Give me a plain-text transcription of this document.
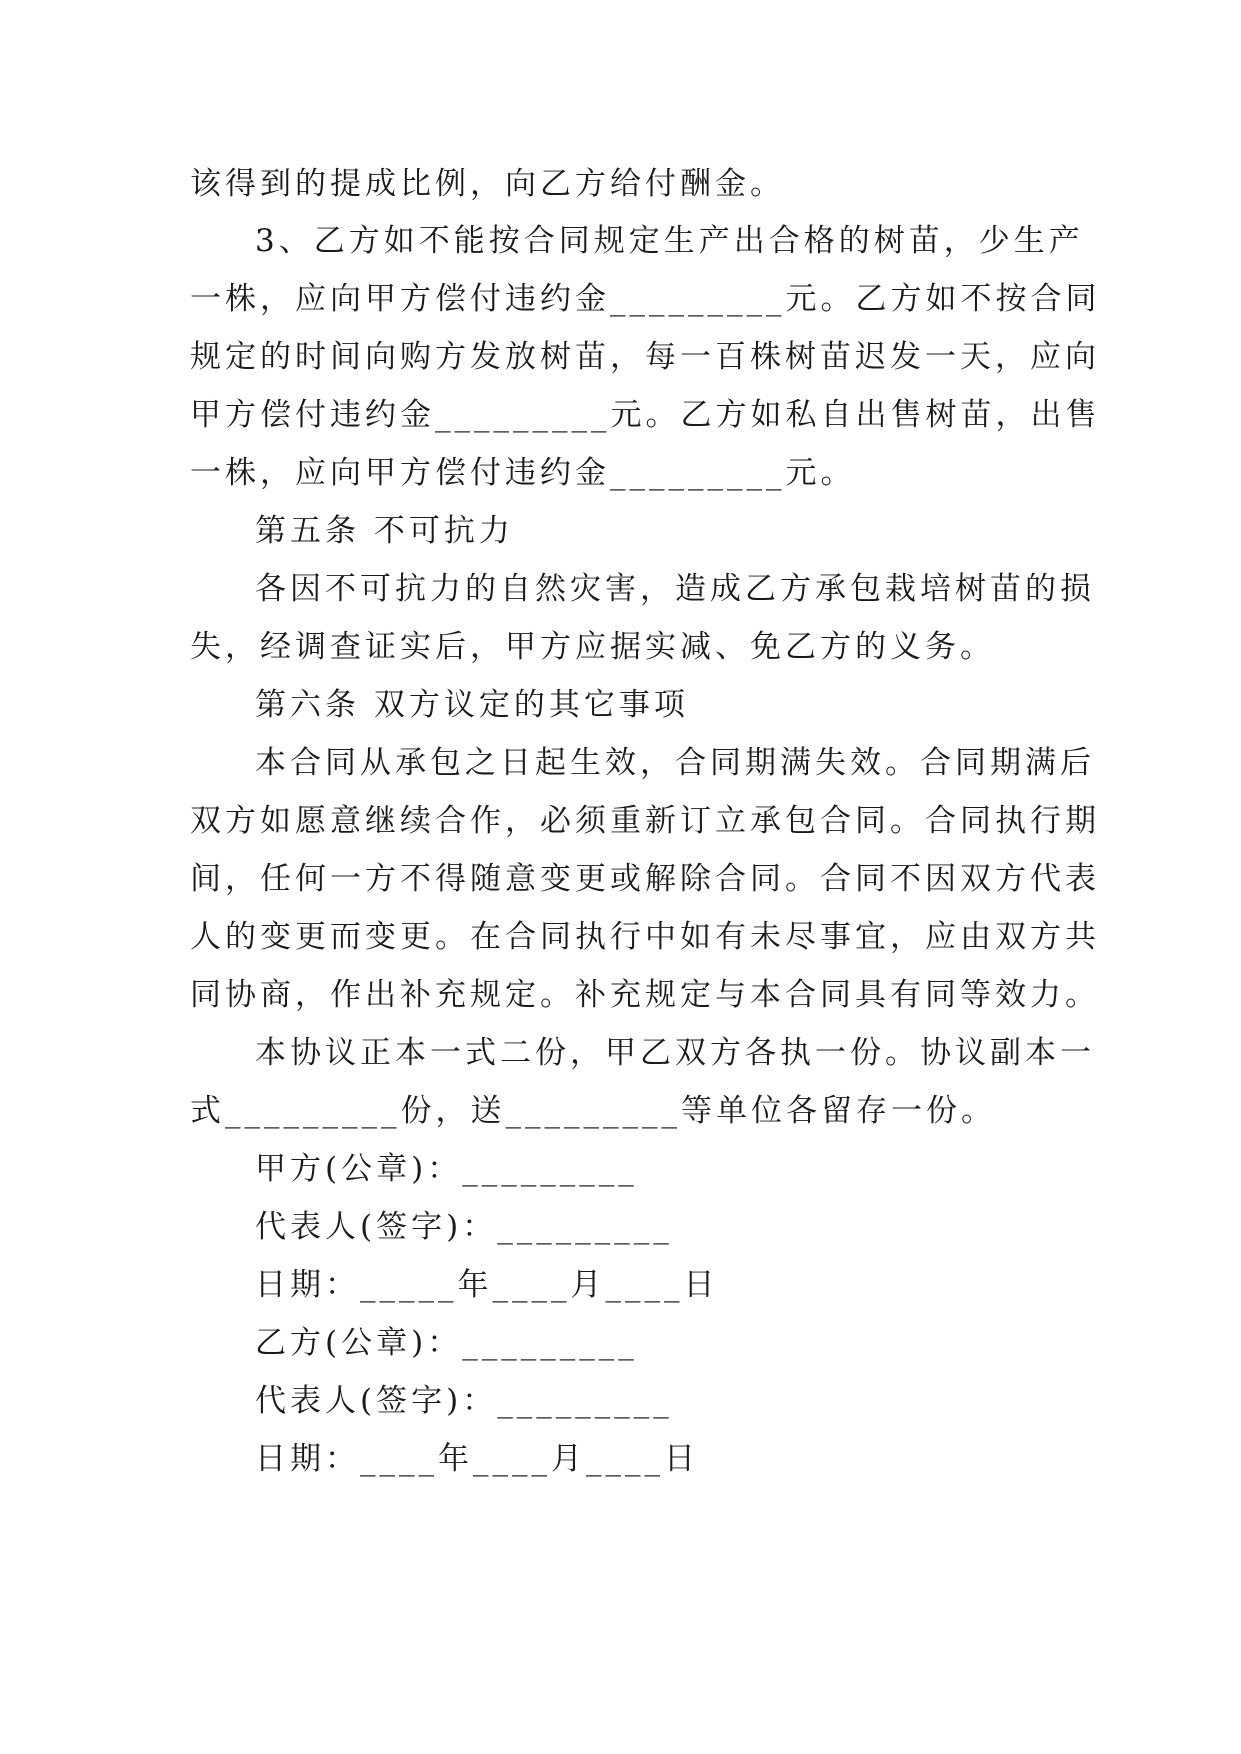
该得到的提成比例，向乙方给付酬金。
3、乙方如不能按合同规定生产出合格的树苗，少生产
一株，应向甲方偿付违约金_________元。乙方如不按合同
规定的时间向购方发放树苗，每一百株树苗迟发一天，应向
甲方偿付违约金_________元。乙方如私自出售树苗，出售
一株，应向甲方偿付违约金_________元。
第五条 不可抗力
各因不可抗力的自然灾害，造成乙方承包栽培树苗的损
失，经调查证实后，甲方应据实减、免乙方的义务。
第六条 双方议定的其它事项
本合同从承包之日起生效，合同期满失效。合同期满后
双方如愿意继续合作，必须重新订立承包合同。合同执行期
间，任何一方不得随意变更或解除合同。合同不因双方代表
人的变更而变更。在合同执行中如有未尽事宜，应由双方共
同协商，作出补充规定。补充规定与本合同具有同等效力。
本协议正本一式二份，甲乙双方各执一份。协议副本一
式_________份，送_________等单位各留存一份。
甲方(公章)：_________
代表人(签字)：_________
日期：_____年____月____日
乙方(公章)：_________
代表人(签字)：_________
日期：____年____月____日
